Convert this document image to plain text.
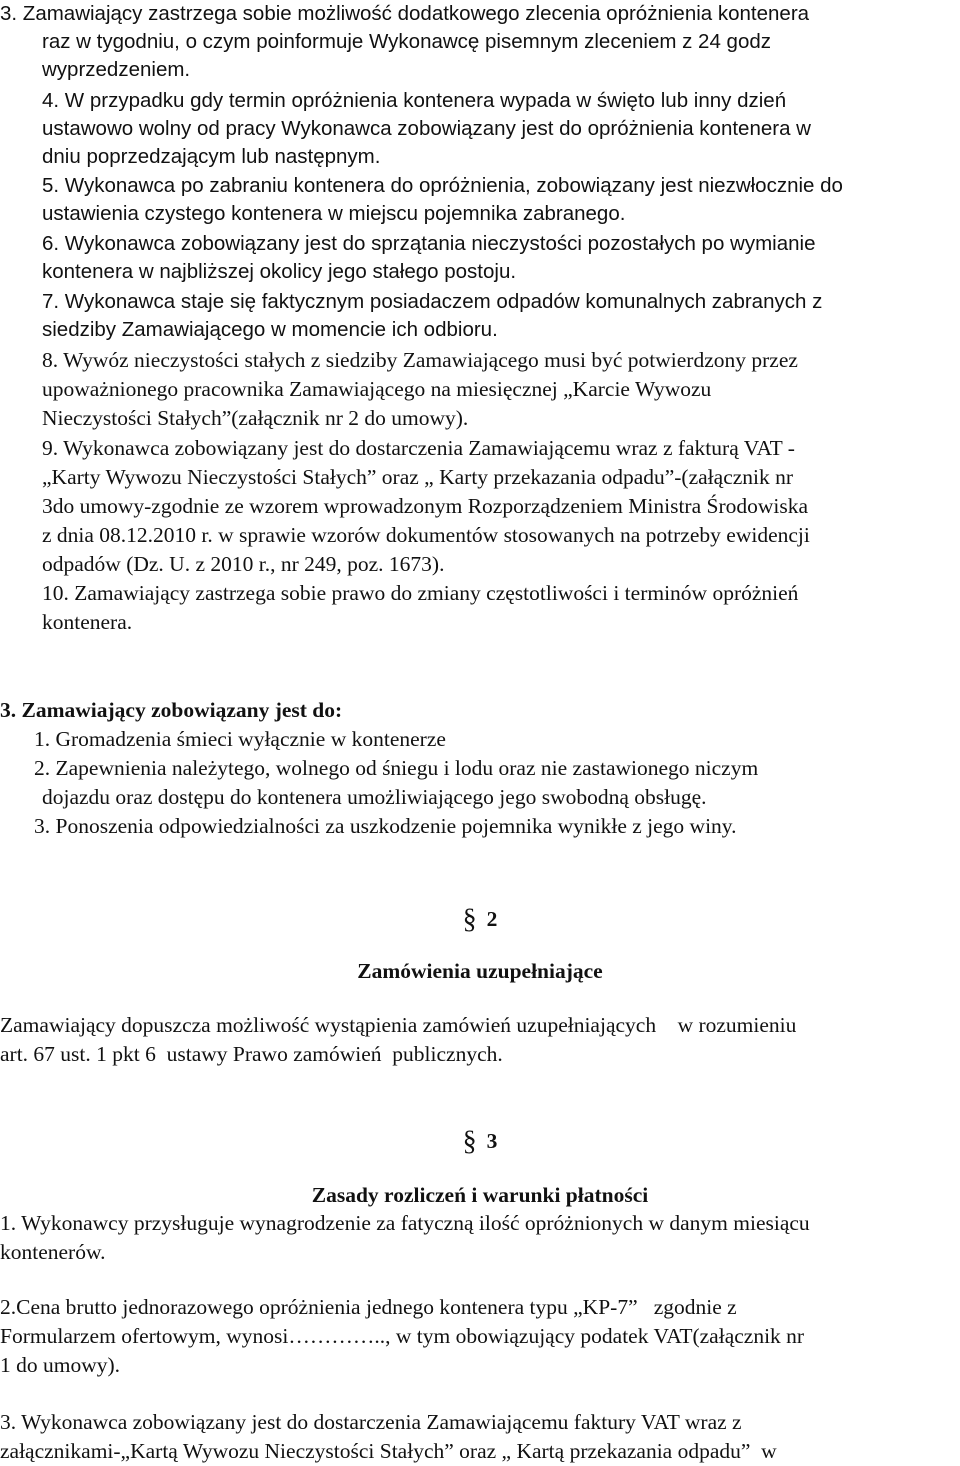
3. Zamawiający zastrzega sobie możliwość dodatkowego zlecenia opróżnienia kontenera
raz w tygodniu, o czym poinformuje Wykonawcę pisemnym zleceniem z 24 godz
wyprzedzeniem.
4. W przypadku gdy termin opróżnienia kontenera wypada w święto lub inny dzień
ustawowo wolny od pracy Wykonawca zobowiązany jest do opróżnienia kontenera w
dniu poprzedzającym lub następnym.
5. Wykonawca po zabraniu kontenera do opróżnienia, zobowiązany jest niezwłocznie do
ustawienia czystego kontenera w miejscu pojemnika zabranego.
6. Wykonawca zobowiązany jest do sprzątania nieczystości pozostałych po wymianie
kontenera w najbliższej okolicy jego stałego postoju.
7. Wykonawca staje się faktycznym posiadaczem odpadów komunalnych zabranych z
siedziby Zamawiającego w momencie ich odbioru.
8. Wywóz nieczystości stałych z siedziby Zamawiającego musi być potwierdzony przez
upoważnionego pracownika Zamawiającego na miesięcznej „Karcie Wywozu
Nieczystości Stałych”(załącznik nr 2 do umowy).
9. Wykonawca zobowiązany jest do dostarczenia Zamawiającemu wraz z fakturą VAT -
„Karty Wywozu Nieczystości Stałych” oraz „ Karty przekazania odpadu”-(załącznik nr
3do umowy-zgodnie ze wzorem wprowadzonym Rozporządzeniem Ministra Środowiska
z dnia 08.12.2010 r. w sprawie wzorów dokumentów stosowanych na potrzeby ewidencji
odpadów (Dz. U. z 2010 r., nr 249, poz. 1673).
10. Zamawiający zastrzega sobie prawo do zmiany częstotliwości i terminów opróżnień
kontenera.
3. Zamawiający zobowiązany jest do:
1. Gromadzenia śmieci wyłącznie w kontenerze
2. Zapewnienia należytego, wolnego od śniegu i lodu oraz nie zastawionego niczym
dojazdu oraz dostępu do kontenera umożliwiającego jego swobodną obsługę.
3. Ponoszenia odpowiedzialności za uszkodzenie pojemnika wynikłe z jego winy.
§ 2
Zamówienia uzupełniające
Zamawiający dopuszcza możliwość wystąpienia zamówień uzupełniających    w rozumieniu
art. 67 ust. 1 pkt 6  ustawy Prawo zamówień  publicznych.
§ 3
Zasady rozliczeń i warunki płatności
1. Wykonawcy przysługuje wynagrodzenie za fatyczną ilość opróżnionych w danym miesiącu
kontenerów.
2.Cena brutto jednorazowego opróżnienia jednego kontenera typu „KP-7”   zgodnie z
Formularzem ofertowym, wynosi………….., w tym obowiązujący podatek VAT(załącznik nr
1 do umowy).
3. Wykonawca zobowiązany jest do dostarczenia Zamawiającemu faktury VAT wraz z
załącznikami-„Kartą Wywozu Nieczystości Stałych” oraz „ Kartą przekazania odpadu”  w
